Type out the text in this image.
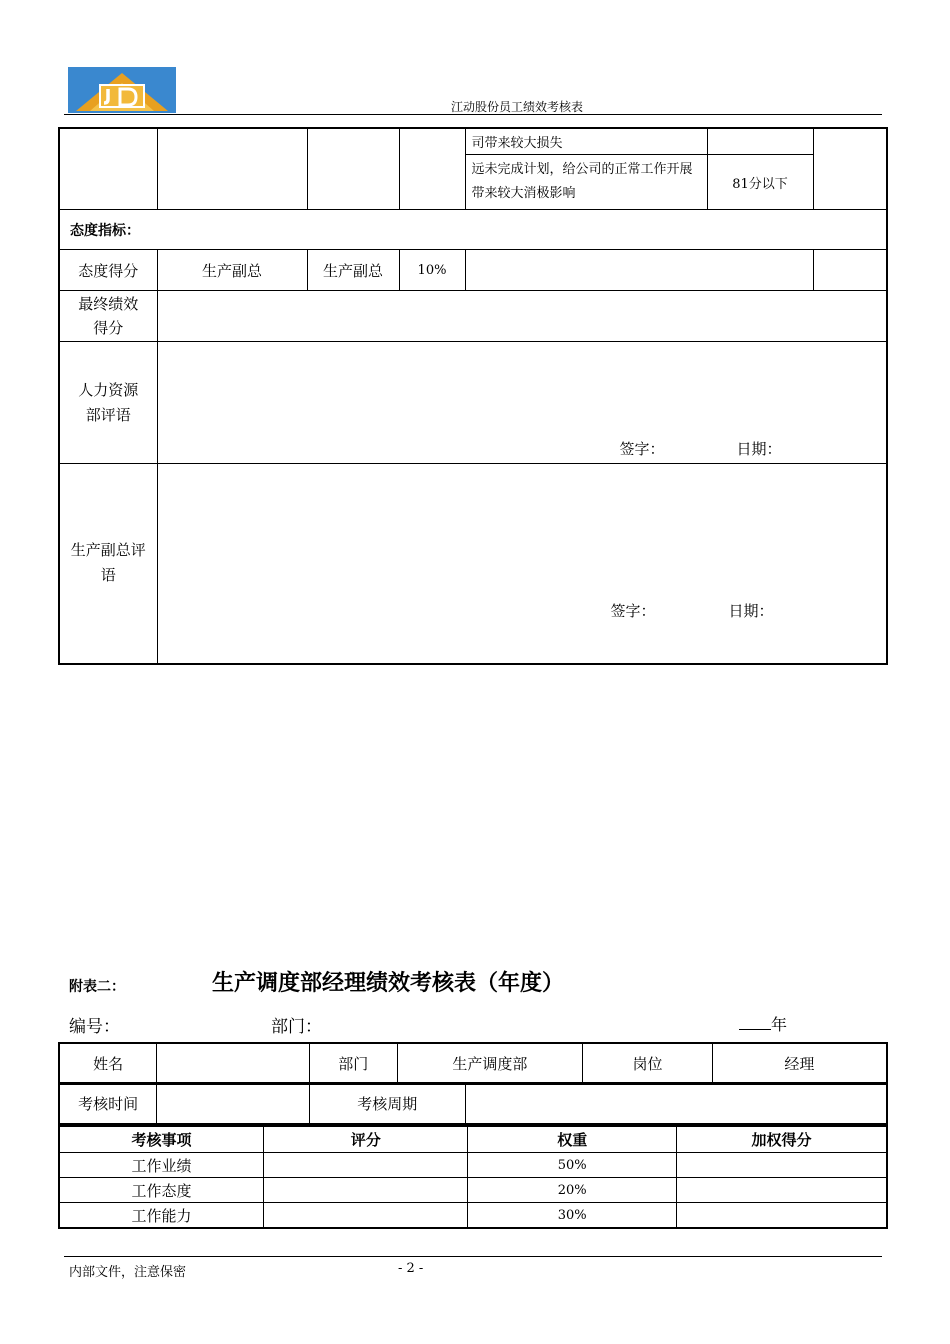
江动股份员工绩效考核表
				司带来较大损失		
				远未完成计划，给公司的正常工作开展带来较大消极影响	81分以下	
态度指标：						
态度得分	生产副总	生产副总	10%			
最终绩效得分						
人力资源部评语	签字： 日期：					

生产副总评语	签字： 日期：					
附表二：	生产调度部经理绩效考核表（年度）
编号：	部门：	年
姓名		部门	生产调度部	岗位	经理
考核时间		考核周期	
考核事项	评分	权重	加权得分
工作业绩		50%	
工作态度		20%	
工作能力		30%	
内部文件，注意保密	- 2 -
